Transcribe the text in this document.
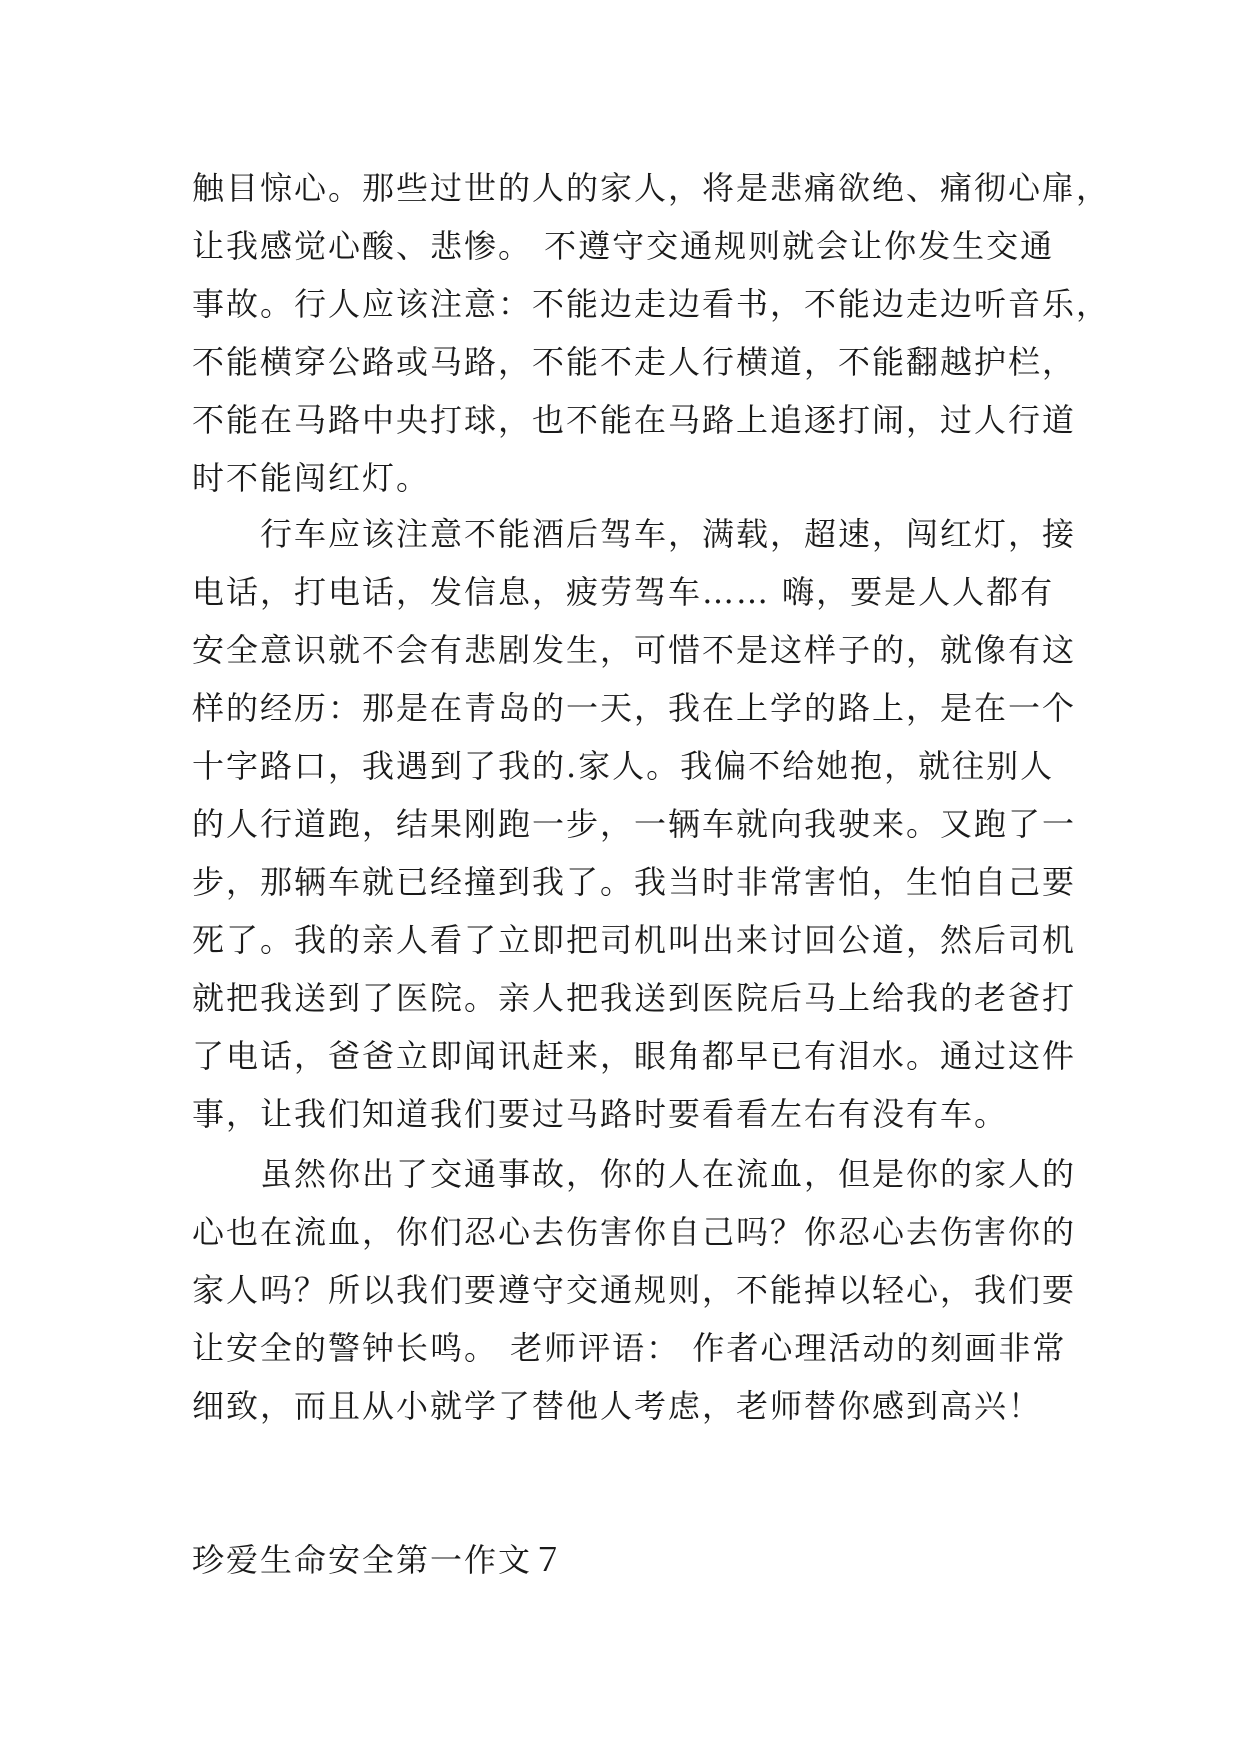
触目惊心。那些过世的人的家人，将是悲痛欲绝、痛彻心扉，
让我感觉心酸、悲惨。 不遵守交通规则就会让你发生交通
事故。行人应该注意：不能边走边看书，不能边走边听音乐，
不能横穿公路或马路，不能不走人行横道，不能翻越护栏，
不能在马路中央打球，也不能在马路上追逐打闹，过人行道
时不能闯红灯。
　　行车应该注意不能酒后驾车，满载，超速，闯红灯，接
电话，打电话，发信息，疲劳驾车…… 嗨，要是人人都有
安全意识就不会有悲剧发生，可惜不是这样子的，就像有这
样的经历：那是在青岛的一天，我在上学的路上，是在一个
十字路口，我遇到了我的.家人。我偏不给她抱，就往别人
的人行道跑，结果刚跑一步，一辆车就向我驶来。又跑了一
步，那辆车就已经撞到我了。我当时非常害怕，生怕自己要
死了。我的亲人看了立即把司机叫出来讨回公道，然后司机
就把我送到了医院。亲人把我送到医院后马上给我的老爸打
了电话，爸爸立即闻讯赶来，眼角都早已有泪水。通过这件
事，让我们知道我们要过马路时要看看左右有没有车。
　　虽然你出了交通事故，你的人在流血，但是你的家人的
心也在流血，你们忍心去伤害你自己吗？你忍心去伤害你的
家人吗？所以我们要遵守交通规则，不能掉以轻心，我们要
让安全的警钟长鸣。 老师评语： 作者心理活动的刻画非常
细致，而且从小就学了替他人考虑，老师替你感到高兴！
珍爱生命安全第一作文７
